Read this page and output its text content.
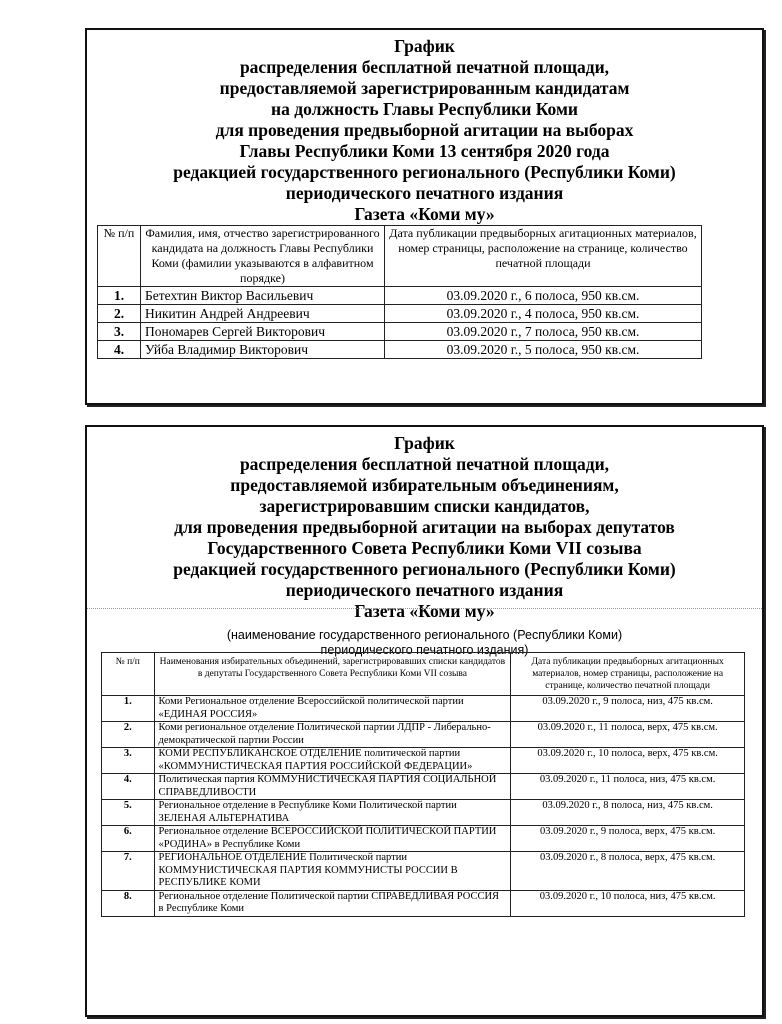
График
распределения бесплатной печатной площади,
предоставляемой зарегистрированным кандидатам
на должность Главы Республики Коми
для проведения предвыборной агитации на выборах
Главы Республики Коми 13 сентября 2020 года
редакцией государственного регионального (Республики Коми)
периодического печатного издания
Газета «Коми му»
№ п/п	Фамилия, имя, отчество зарегистрированного кандидата на должность Главы Республики Коми (фамилии указываются в алфавитном порядке)	Дата публикации предвыборных агитационных материалов, номер страницы, расположение на странице, количество печатной площади
1.	Бетехтин Виктор Васильевич	03.09.2020 г., 6 полоса, 950 кв.см.
2.	Никитин Андрей Андреевич	03.09.2020 г., 4 полоса, 950 кв.см.
3.	Пономарев Сергей Викторович	03.09.2020 г., 7 полоса, 950 кв.см.
4.	Уйба Владимир Викторович	03.09.2020 г., 5 полоса, 950 кв.см.
График
распределения бесплатной печатной площади,
предоставляемой избирательным объединениям,
зарегистрировавшим списки кандидатов,
для проведения предвыборной агитации на выборах депутатов
Государственного Совета Республики Коми VII созыва
редакцией государственного регионального (Республики Коми)
периодического печатного издания
Газета «Коми му»
(наименование государственного регионального (Республики Коми)
периодического печатного издания)
№ п/п	Наименования избирательных объединений, зарегистрировавших списки кандидатов в депутаты Государственного Совета Республики Коми VII созыва	Дата публикации предвыборных агитационных материалов, номер страницы, расположение на странице, количество печатной площади
1.	Коми Региональное отделение Всероссийской политической партии «ЕДИНАЯ РОССИЯ»	03.09.2020 г., 9 полоса, низ, 475 кв.см.
2.	Коми региональное отделение Политической партии ЛДПР - Либерально-демократической партии России	03.09.2020 г., 11 полоса, верх, 475 кв.см.
3.	КОМИ РЕСПУБЛИКАНСКОЕ ОТДЕЛЕНИЕ политической партии «КОММУНИСТИЧЕСКАЯ ПАРТИЯ РОССИЙСКОЙ ФЕДЕРАЦИИ»	03.09.2020 г., 10 полоса, верх, 475 кв.см.
4.	Политическая партия КОММУНИСТИЧЕСКАЯ ПАРТИЯ СОЦИАЛЬНОЙ СПРАВЕДЛИВОСТИ	03.09.2020 г., 11 полоса, низ, 475 кв.см.
5.	Региональное отделение в Республике Коми Политической партии ЗЕЛЕНАЯ АЛЬТЕРНАТИВА	03.09.2020 г., 8 полоса, низ, 475 кв.см.
6.	Региональное отделение ВСЕРОССИЙСКОЙ ПОЛИТИЧЕСКОЙ ПАРТИИ «РОДИНА» в Республике Коми	03.09.2020 г., 9 полоса, верх, 475 кв.см.
7.	РЕГИОНАЛЬНОЕ ОТДЕЛЕНИЕ Политической партии КОММУНИСТИЧЕСКАЯ ПАРТИЯ КОММУНИСТЫ РОССИИ В РЕСПУБЛИКЕ КОМИ	03.09.2020 г., 8 полоса, верх, 475 кв.см.
8.	Региональное отделение Политической партии СПРАВЕДЛИВАЯ РОССИЯ в Республике Коми	03.09.2020 г., 10 полоса, низ, 475 кв.см.
